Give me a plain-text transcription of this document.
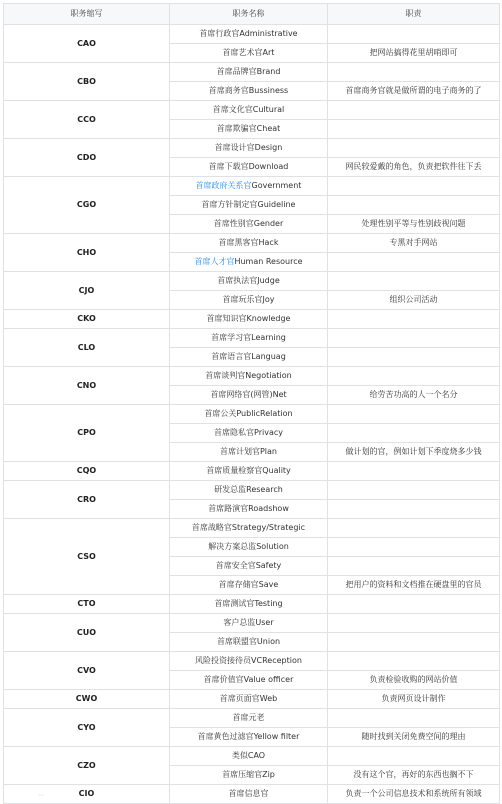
职务缩写	职务名称	职责
CAO	首席行政官Administrative	
	首席艺术官Art	把网站搞得花里胡哨即可
CBO	首席品牌官Brand	
	首席商务官Bussiness	首席商务官就是做所谓的电子商务的了
CCO	首席文化官Cultural	
	首席欺骗官Cheat	
CDO	首席设计官Design	
	首席下载官Download	网民较爱戴的角色，负责把软件往下丢
CGO	首席政府关系官Government	
	首席方针制定官Guideline	
	首席性别官Gender	处理性别平等与性别歧视问题
CHO	首席黑客官Hack	专黑对手网站
	首席人才官Human Resource	
CJO	首席执法官Judge	
	首席玩乐官Joy	组织公司活动
CKO	首席知识官Knowledge	
CLO	首席学习官Learning	
	首席语言官Languag	
CNO	首席谈判官Negotiation	
	首席网络官(网管)Net	给劳苦功高的人一个名分
CPO	首席公关PublicRelation	
	首席隐私官Privacy	
	首席计划官Plan	做计划的官，例如计划下季度烧多少钱
CQO	首席质量检察官Quality	
CRO	研发总监Research	
	首席路演官Roadshow	
CSO	首席战略官Strategy/Strategic	
	解决方案总监Solution	
	首席安全官Safety	
	首席存储官Save	把用户的资料和文档推在硬盘里的官员
CTO	首席测试官Testing	
CUO	客户总监User	
	首席联盟官Union	
CVO	风险投资接待员VCReception	
	首席价值官Value officer	负责检验收购的网站价值
CWO	首席页面官Web	负责网页设计制作
CYO	首席元老	
	首席黄色过滤官Yellow filter	随时找到关闭免费空间的理由
CZO	类似CAO	
	首席压缩官Zip	没有这个官，再好的东西也搁不下
CIO	首席信息官	负责一个公司信息技术和系统所有领域
⋯
